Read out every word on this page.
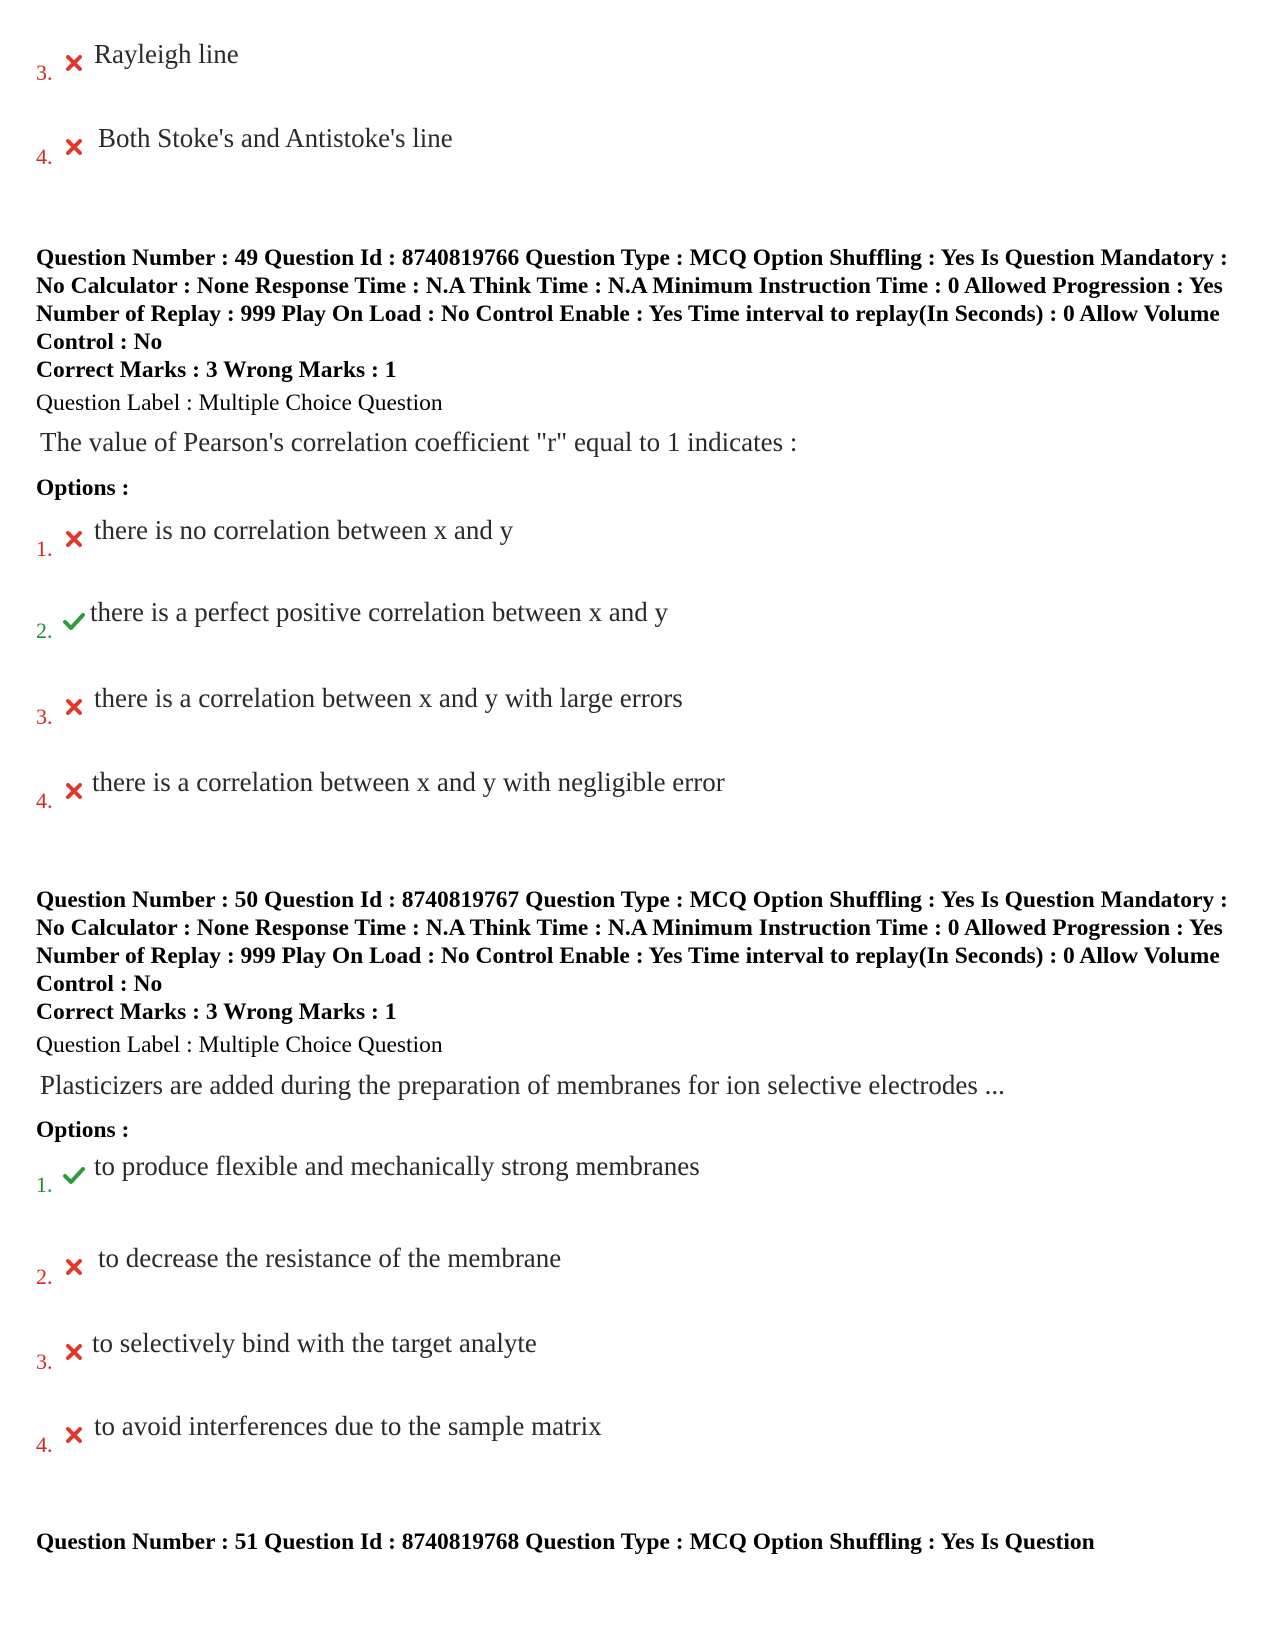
3.
Rayleigh line
4.
Both Stoke's and Antistoke's line
Question Number : 49 Question Id : 8740819766 Question Type : MCQ Option Shuffling : Yes Is Question Mandatory : No Calculator : None Response Time : N.A Think Time : N.A Minimum Instruction Time : 0 Allowed Progression : Yes Number of Replay : 999 Play On Load : No Control Enable : Yes Time interval to replay(In Seconds) : 0 Allow Volume Control : No
Correct Marks : 3 Wrong Marks : 1
Question Label : Multiple Choice Question
The value of Pearson's correlation coefficient "r" equal to 1 indicates :
Options :
1.
there is no correlation between x and y
2.
there is a perfect positive correlation between x and y
3.
there is a correlation between x and y with large errors
4.
there is a correlation between x and y with negligible error
Question Number : 50 Question Id : 8740819767 Question Type : MCQ Option Shuffling : Yes Is Question Mandatory : No Calculator : None Response Time : N.A Think Time : N.A Minimum Instruction Time : 0 Allowed Progression : Yes Number of Replay : 999 Play On Load : No Control Enable : Yes Time interval to replay(In Seconds) : 0 Allow Volume Control : No
Correct Marks : 3 Wrong Marks : 1
Question Label : Multiple Choice Question
Plasticizers are added during the preparation of membranes for ion selective electrodes ...
Options :
1.
to produce flexible and mechanically strong membranes
2.
to decrease the resistance of the membrane
3.
to selectively bind with the target analyte
4.
to avoid interferences due to the sample matrix
Question Number : 51 Question Id : 8740819768 Question Type : MCQ Option Shuffling : Yes Is Question
